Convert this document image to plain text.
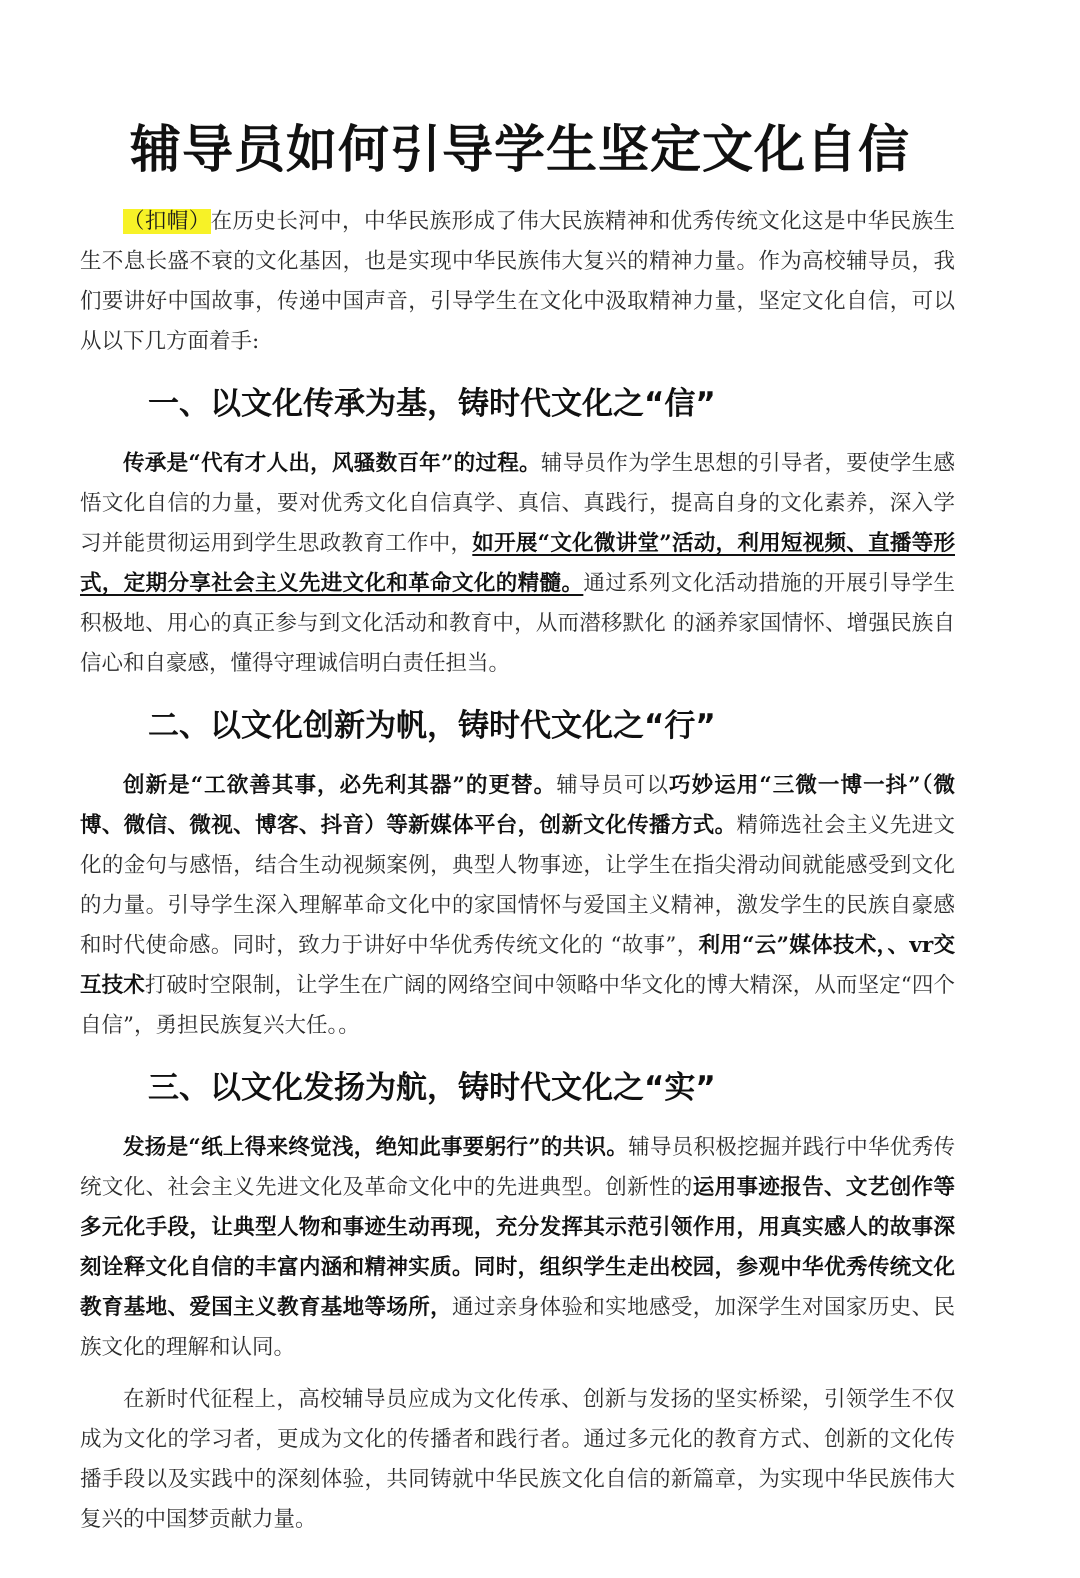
辅导员如何引导学生坚定文化自信

（扣帽）在历史长河中，中华民族形成了伟大民族精神和优秀传统文化这是中华民族生生不息长盛不衰的文化基因，也是实现中华民族伟大复兴的精神力量。作为高校辅导员，我们要讲好中国故事，传递中国声音，引导学生在文化中汲取精神力量，坚定文化自信，可以从以下几方面着手:

一、以文化传承为基，铸时代文化之“信”

传承是“代有才人出，风骚数百年”的过程。辅导员作为学生思想的引导者，要使学生感悟文化自信的力量，要对优秀文化自信真学、真信、真践行，提高自身的文化素养，深入学习并能贯彻运用到学生思政教育工作中，如开展“文化微讲堂”活动，利用短视频、直播等形式，定期分享社会主义先进文化和革命文化的精髓。通过系列文化活动措施的开展引导学生积极地、用心的真正参与到文化活动和教育中，从而潜移默化 的涵养家国情怀、增强民族自信心和自豪感，懂得守理诚信明白责任担当。

二、以文化创新为帆，铸时代文化之“行”

创新是“工欲善其事，必先利其器”的更替。辅导员可以巧妙运用“三微一博一抖”（微博、微信、微视、博客、抖音）等新媒体平台，创新文化传播方式。精筛选社会主义先进文化的金句与感悟，结合生动视频案例，典型人物事迹，让学生在指尖滑动间就能感受到文化的力量。引导学生深入理解革命文化中的家国情怀与爱国主义精神，激发学生的民族自豪感和时代使命感。同时，致力于讲好中华优秀传统文化的 “故事”，利用“云”媒体技术，、vr交互技术打破时空限制，让学生在广阔的网络空间中领略中华文化的博大精深，从而坚定“四个自信”，勇担民族复兴大任。。

三、以文化发扬为航，铸时代文化之“实”

发扬是“纸上得来终觉浅，绝知此事要躬行”的共识。辅导员积极挖掘并践行中华优秀传统文化、社会主义先进文化及革命文化中的先进典型。创新性的运用事迹报告、文艺创作等多元化手段，让典型人物和事迹生动再现，充分发挥其示范引领作用，用真实感人的故事深刻诠释文化自信的丰富内涵和精神实质。同时，组织学生走出校园，参观中华优秀传统文化教育基地、爱国主义教育基地等场所，通过亲身体验和实地感受，加深学生对国家历史、民族文化的理解和认同。

在新时代征程上，高校辅导员应成为文化传承、创新与发扬的坚实桥梁，引领学生不仅成为文化的学习者，更成为文化的传播者和践行者。通过多元化的教育方式、创新的文化传播手段以及实践中的深刻体验，共同铸就中华民族文化自信的新篇章，为实现中华民族伟大复兴的中国梦贡献力量。
